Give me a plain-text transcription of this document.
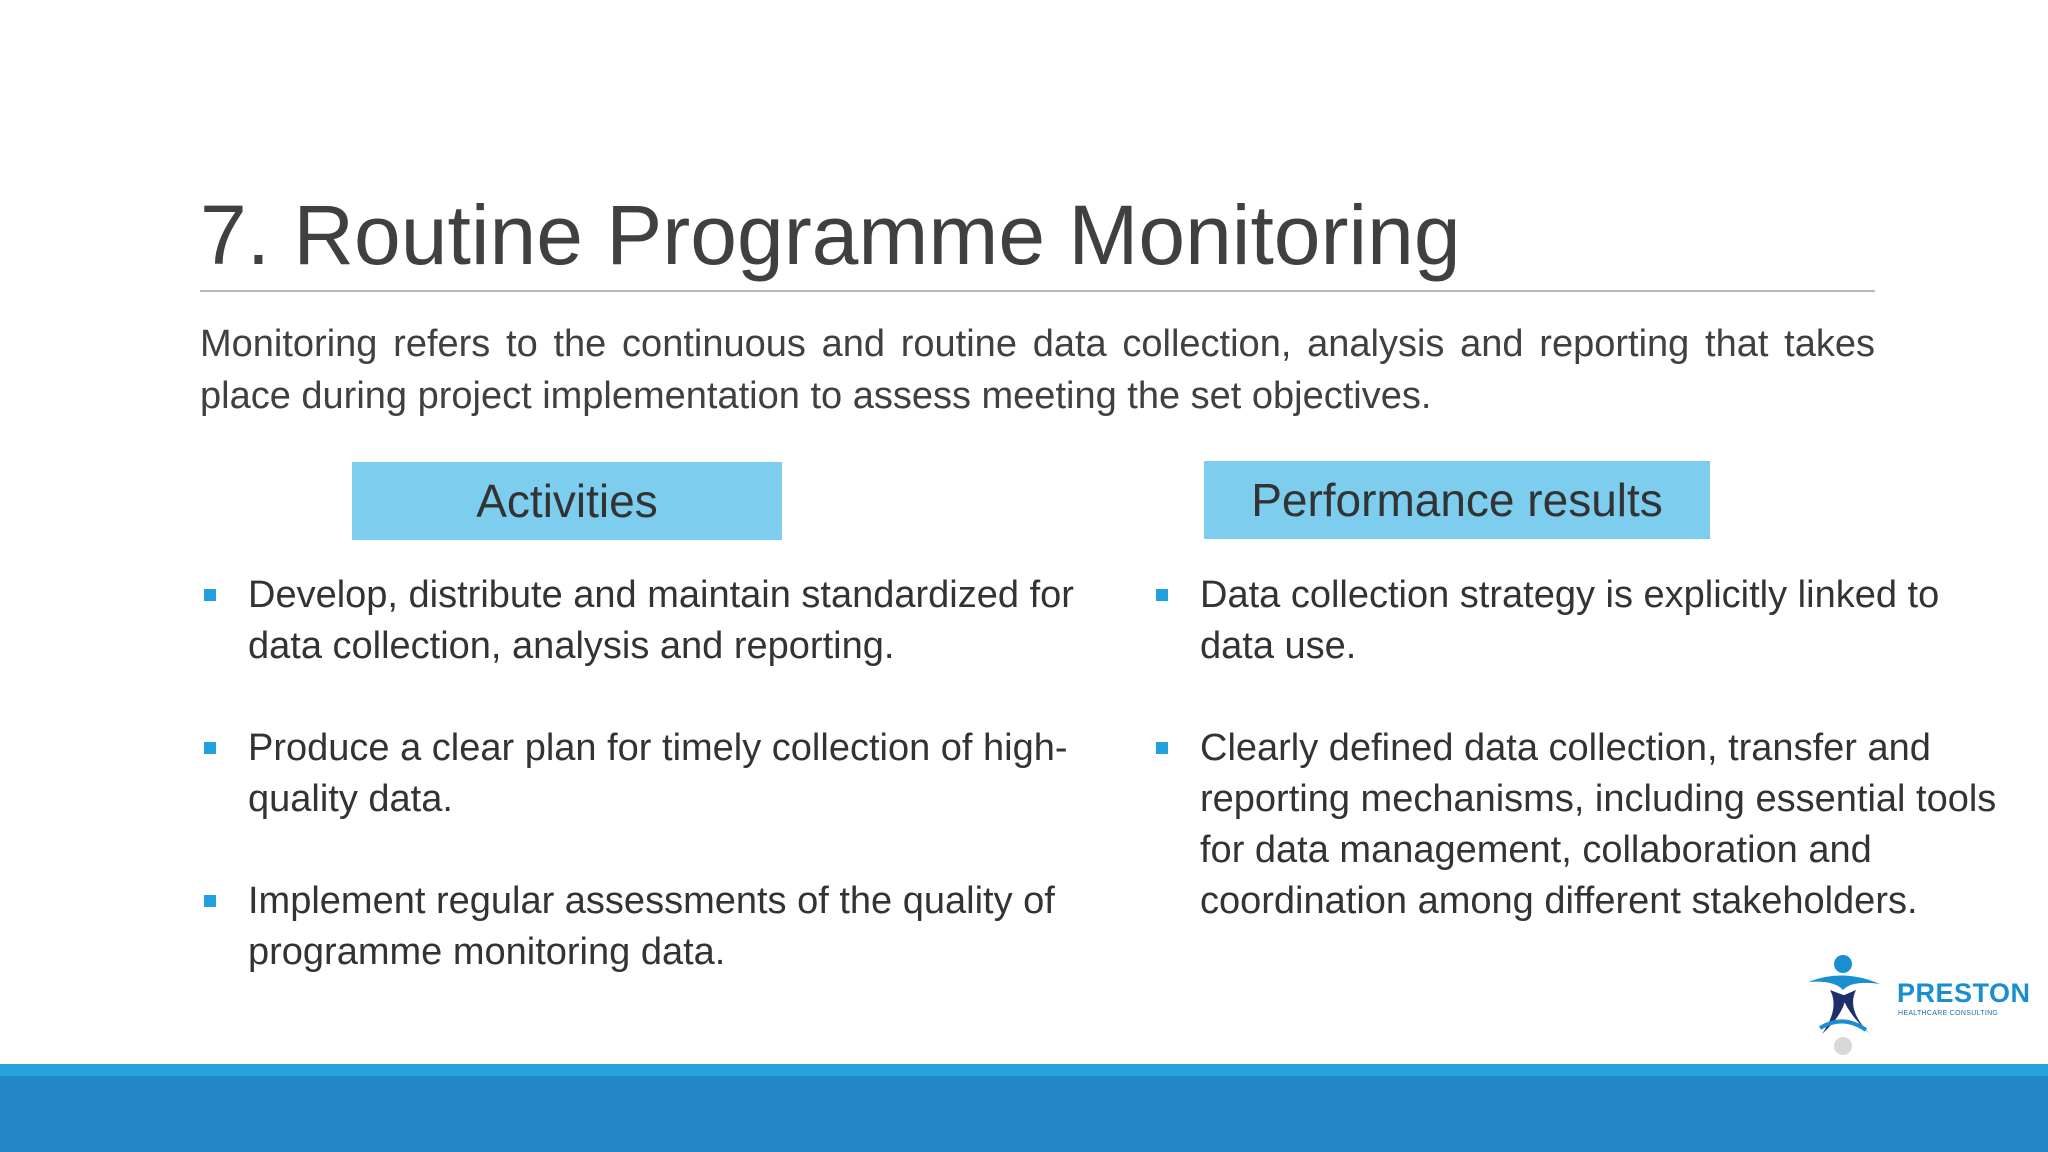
7. Routine Programme Monitoring
Monitoring refers to the continuous and routine data collection, analysis and reporting that takes place during project implementation to assess meeting the set objectives.
Activities	Performance results
Develop, distribute and maintain standardized for data collection, analysis and reporting.
Produce a clear plan for timely collection of high-quality data.
Implement regular assessments of the quality of programme monitoring data.
Data collection strategy is explicitly linked to data use.
Clearly defined data collection, transfer and reporting mechanisms, including essential tools for data management, collaboration and coordination among different stakeholders.
PRESTON
HEALTHCARE CONSULTING
